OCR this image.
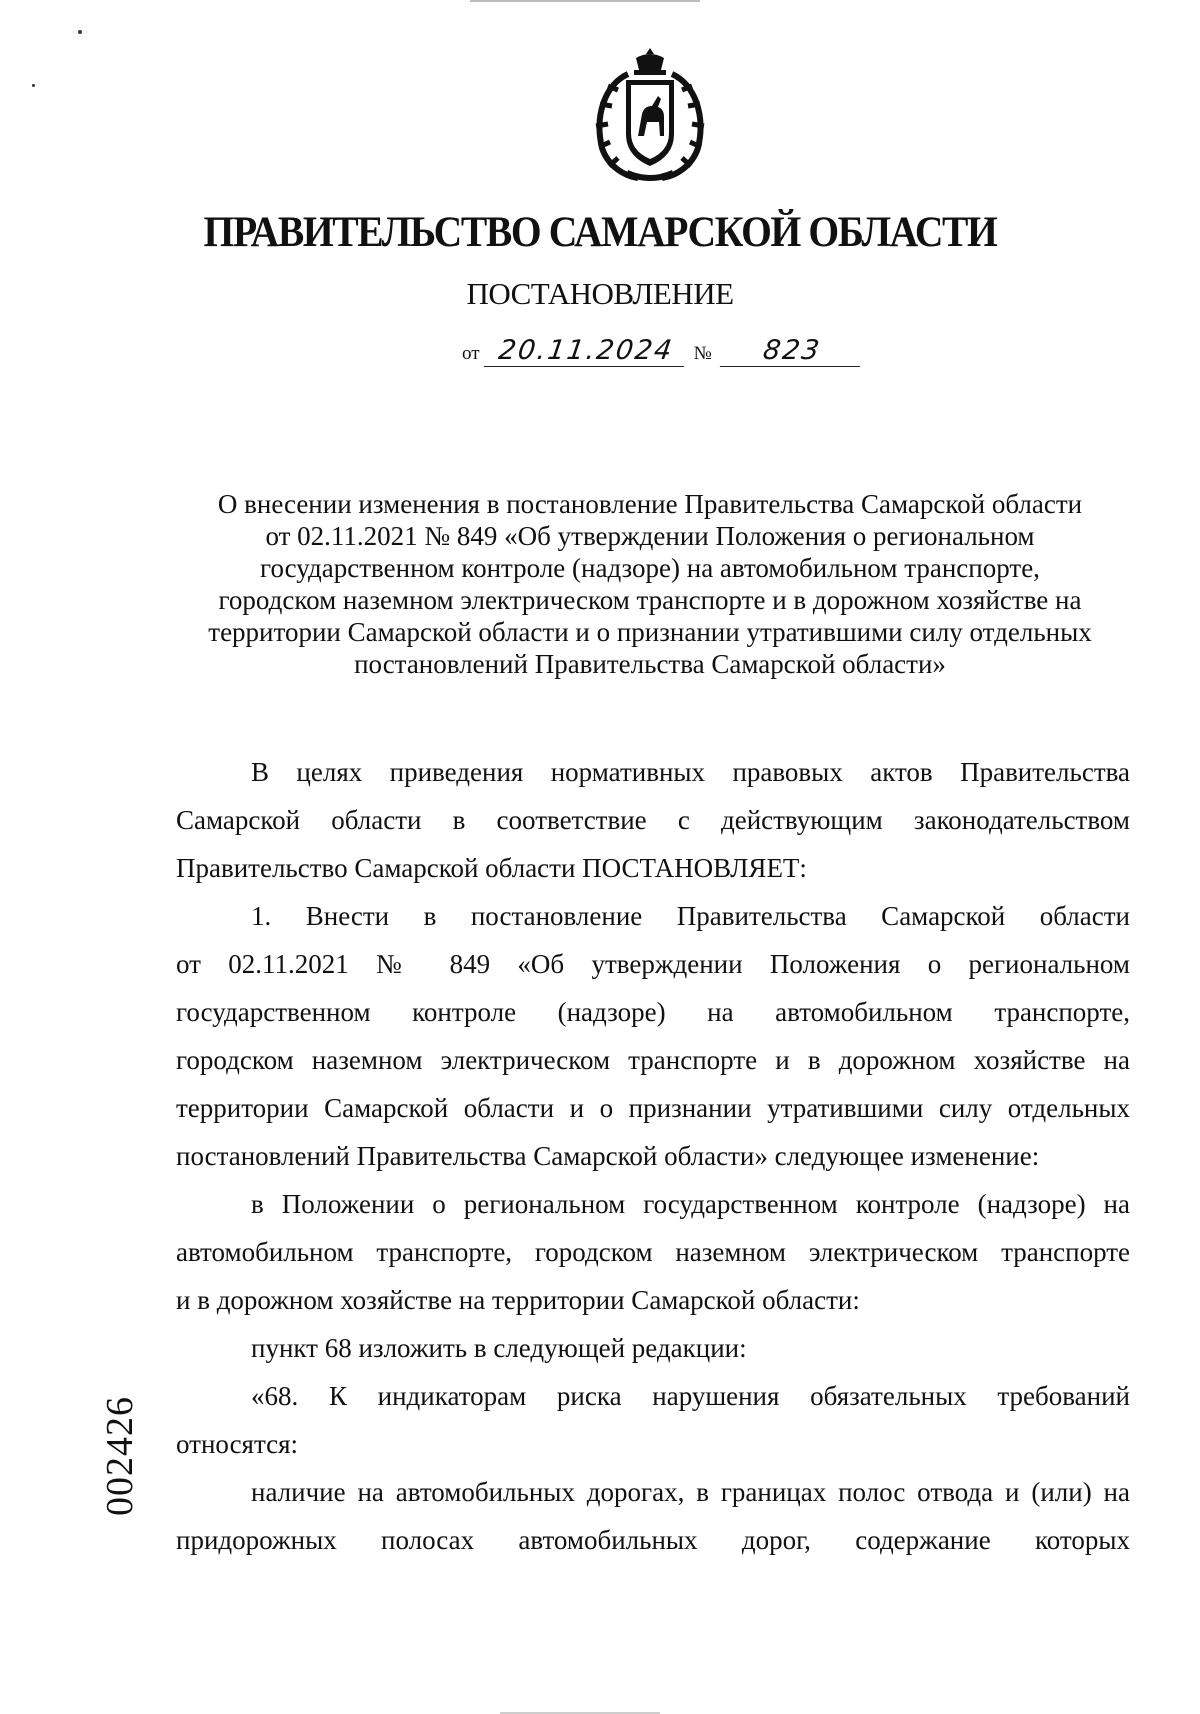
ПРАВИТЕЛЬСТВО САМАРСКОЙ ОБЛАСТИ
ПОСТАНОВЛЕНИЕ
от 20.11.2024 №	823
О внесении изменения в постановление Правительства Самарской области
от 02.11.2021 № 849 «Об утверждении Положения о региональном
государственном контроле (надзоре) на автомобильном транспорте,
городском наземном электрическом транспорте и в дорожном хозяйстве на
территории Самарской области и о признании утратившими силу отдельных
постановлений Правительства Самарской области»
В целях приведения нормативных правовых актов Правительства
Самарской области в соответствие с действующим законодательством
Правительство Самарской области ПОСТАНОВЛЯЕТ:
1. Внести в постановление Правительства Самарской области
от 02.11.2021 № 849 «Об утверждении Положения о региональном
государственном контроле (надзоре) на автомобильном транспорте,
городском наземном электрическом транспорте и в дорожном хозяйстве на
территории Самарской области и о признании утратившими силу отдельных
постановлений Правительства Самарской области» следующее изменение:
в Положении о региональном государственном контроле (надзоре) на
автомобильном транспорте, городском наземном электрическом транспорте
и в дорожном хозяйстве на территории Самарской области:
пункт 68 изложить в следующей редакции:
«68. К индикаторам риска нарушения обязательных требований
относятся:
наличие на автомобильных дорогах, в границах полос отвода и (или) на
придорожных полосах автомобильных дорог, содержание которых
002426
